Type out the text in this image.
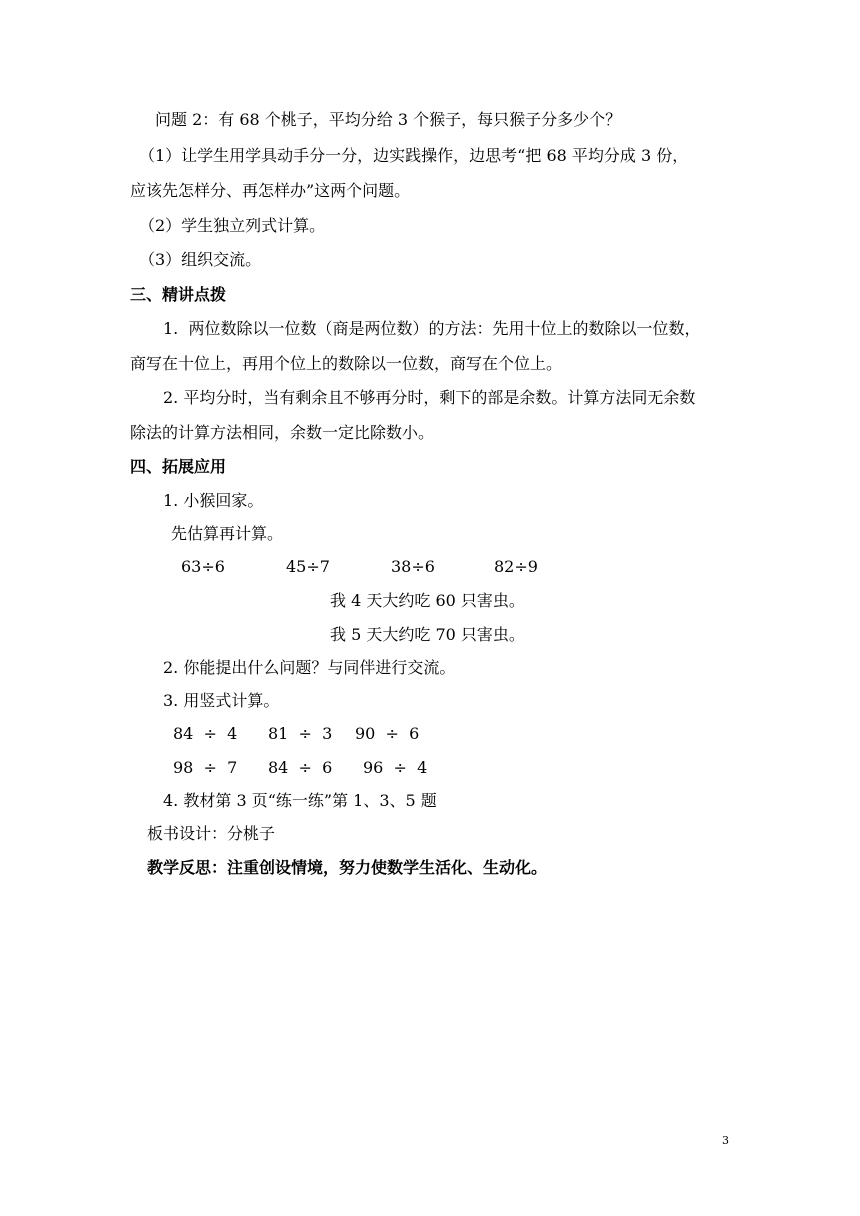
问题 2：有 68 个桃子，平均分给 3 个猴子，每只猴子分多少个？

（1）让学生用学具动手分一分，边实践操作，边思考“把 68 平均分成 3 份，

应该先怎样分、再怎样办”这两个问题。

（2）学生独立列式计算。

（3）组织交流。

三、精讲点拨

1.  两位数除以一位数（商是两位数）的方法：先用十位上的数除以一位数，

商写在十位上，再用个位上的数除以一位数，商写在个位上。

2. 平均分时，当有剩余且不够再分时，剩下的部是余数。计算方法同无余数

除法的计算方法相同，余数一定比除数小。

四、拓展应用

1. 小猴回家。

先估算再计算。

63÷6	45÷7	38÷6	82÷9

我 4 天大约吃 60 只害虫。

我 5 天大约吃 70 只害虫。

2. 你能提出什么问题？与同伴进行交流。

3. 用竖式计算。

84  ÷  4 81  ÷  3 90  ÷  6

98  ÷  7 84  ÷  6 96  ÷  4

4. 教材第 3 页“练一练”第 1、3、5 题

板书设计：分桃子

教学反思：注重创设情境，努力使数学生活化、生动化。

3
